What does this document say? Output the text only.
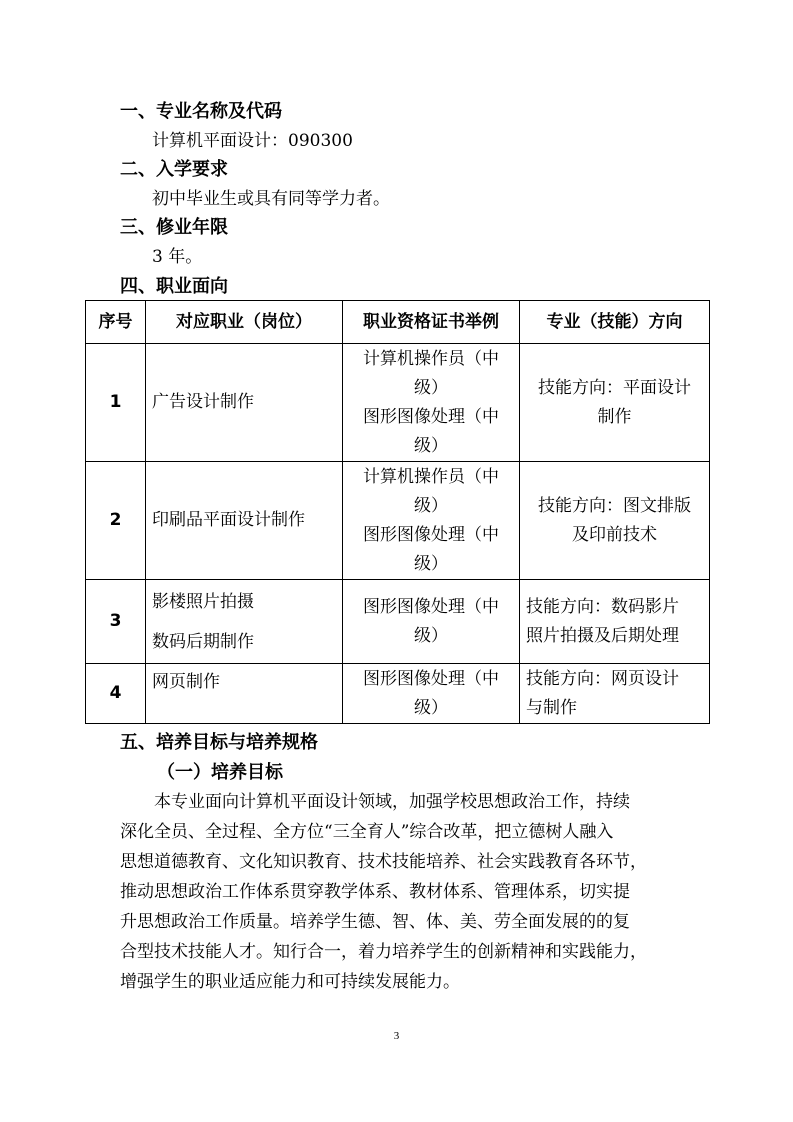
一、专业名称及代码
计算机平面设计：090300
二、入学要求
初中毕业生或具有同等学力者。
三、修业年限
3 年。
四、职业面向
序号	对应职业（岗位）	职业资格证书举例	专业（技能）方向
1	广告设计制作	计算机操作员（中
级）
图形图像处理（中
级）	技能方向：平面设计
制作

2	印刷品平面设计制作	计算机操作员（中
级）
图形图像处理（中
级）	技能方向：图文排版
及印前技术

3	影楼照片拍摄
数码后期制作	图形图像处理（中
级）	技能方向：数码影片
照片拍摄及后期处理

4	网页制作	图形图像处理（中
级）	技能方向：网页设计
与制作
五、培养目标与培养规格
（一）培养目标
　　本专业面向计算机平面设计领域，加强学校思想政治工作，持续
深化全员、全过程、全方位“三全育人”综合改革，把立德树人融入
思想道德教育、文化知识教育、技术技能培养、社会实践教育各环节，
推动思想政治工作体系贯穿教学体系、教材体系、管理体系，切实提
升思想政治工作质量。培养学生德、智、体、美、劳全面发展的的复
合型技术技能人才。知行合一，着力培养学生的创新精神和实践能力，
增强学生的职业适应能力和可持续发展能力。
3
